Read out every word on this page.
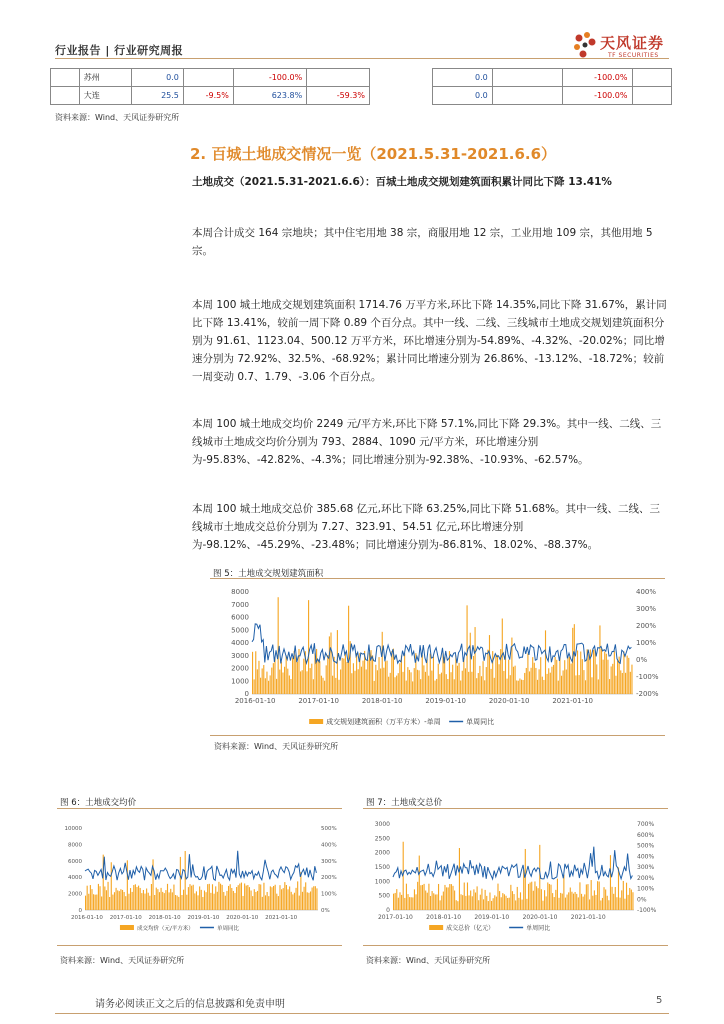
行业报告 | 行业研究周报	天风证券
TF SECURITIES
	苏州	0.0		-100.0%	
	大连	25.5	-9.5%	623.8%	-59.3%
0.0		-100.0%	
0.0		-100.0%	
资料来源：Wind、天风证券研究所
2. 百城土地成交情况一览（2021.5.31-2021.6.6）
土地成交（2021.5.31-2021.6.6）：百城土地成交规划建筑面积累计同比下降 13.41%
本周合计成交 164 宗地块；其中住宅用地 38 宗，商服用地 12 宗，工业用地 109 宗，其他用地 5 宗。
本周 100 城土地成交规划建筑面积 1714.76 万平方米,环比下降 14.35%,同比下降 31.67%，累计同比下降 13.41%，较前一周下降 0.89 个百分点。其中一线、二线、三线城市土地成交规划建筑面积分别为 91.61、1123.04、500.12 万平方米，环比增速分别为-54.89%、-4.32%、-20.02%；同比增速分别为 72.92%、32.5%、-68.92%；累计同比增速分别为 26.86%、-13.12%、-18.72%；较前一周变动 0.7、1.79、-3.06 个百分点。
本周 100 城土地成交均价 2249 元/平方米,环比下降 57.1%,同比下降 29.3%。其中一线、二线、三线城市土地成交均价分别为 793、2884、1090 元/平方米，环比增速分别为-95.83%、-42.82%、-4.3%；同比增速分别为-92.38%、-10.93%、-62.57%。
本周 100 城土地成交总价 385.68 亿元,环比下降 63.25%,同比下降 51.68%。其中一线、二线、三线城市土地成交总价分别为 7.27、323.91、54.51 亿元,环比增速分别为-98.12%、-45.29%、-23.48%；同比增速分别为-86.81%、18.02%、-88.37%。
图 5：土地成交规划建筑面积
8000
7000
6000
5000
4000
3000
2000
1000
0
400%
300%
200%
100%
0%
-100%
-200%
2016-01-10	2017-01-10	2018-01-10	2019-01-10	2020-01-10	2021-01-10
成交规划建筑面积（万平方米）-单周	单周同比
资料来源：Wind、天风证券研究所
图 6：土地成交均价
10000
8000
6000
4000
2000
0
500%
400%
300%
200%
100%
0%
2016-01-10 2017-01-10 2018-01-10 2019-01-10 2020-01-10 2021-01-10
成交均价（元/平方米）	单周同比
资料来源：Wind、天风证券研究所
图 7：土地成交总价
3000
2500
2000
1500
1000
500
0
700%
600%
500%
400%
300%
200%
100%
0%
-100%
2017-01-10 2018-01-10 2019-01-10 2020-01-10 2021-01-10
成交总价（亿元）	单周同比
资料来源：Wind、天风证券研究所
请务必阅读正文之后的信息披露和免责申明	5
